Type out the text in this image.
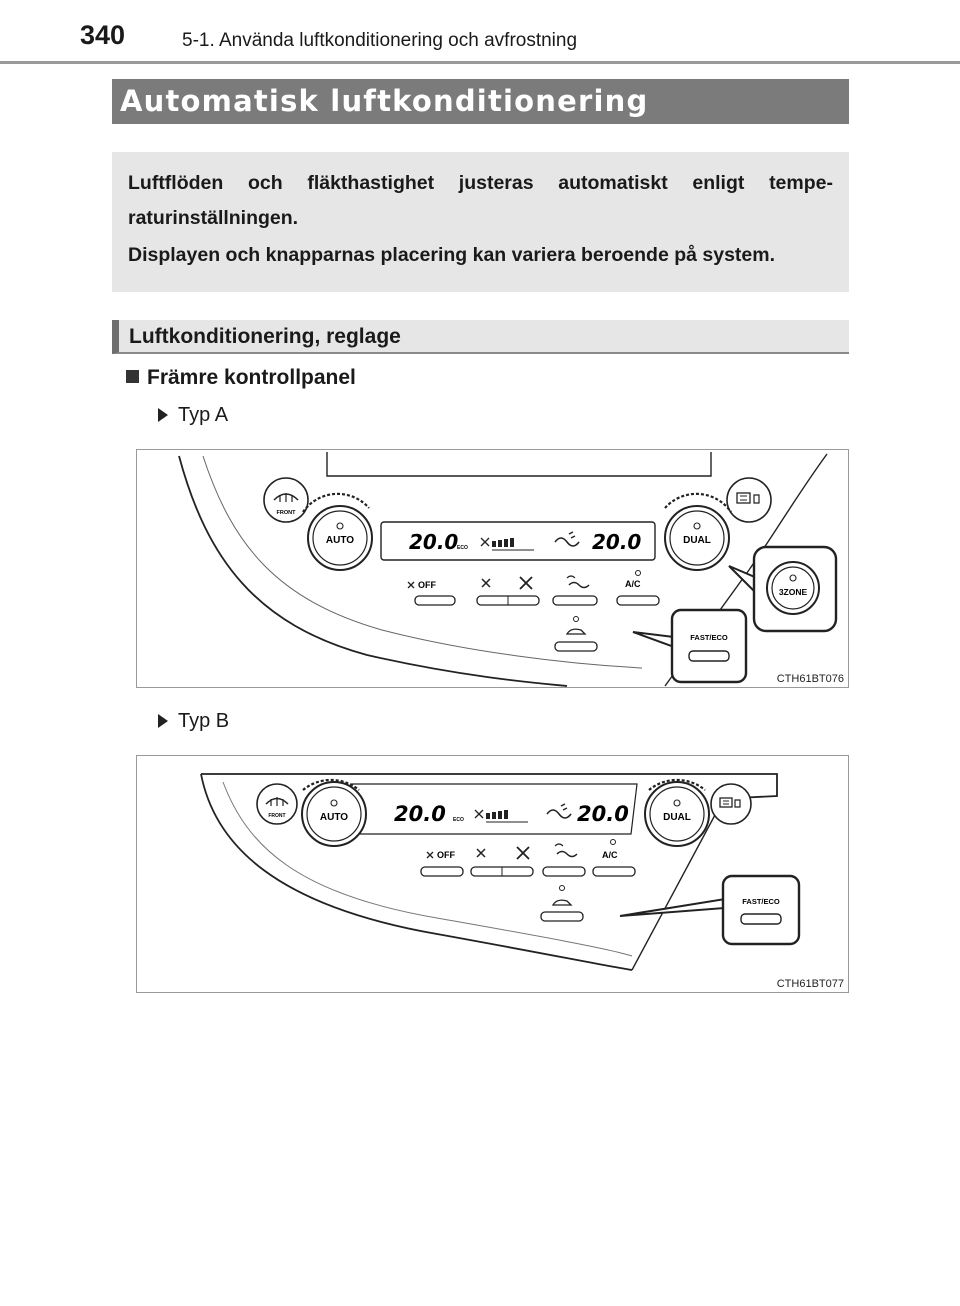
340	5-1. Använda luftkonditionering och avfrostning
Automatisk luftkonditionering

Luftflöden och fläkthastighet justeras automatiskt enligt tempe-raturinställningen.

Displayen och knapparnas placering kan variera beroende på system.

Luftkonditionering, reglage
Främre kontrollpanel
Typ A
FRONT
AUTO	DUAL
20.0
ECO	20.0
OFF	A/C
FAST/ECO
3ZONE
CTH61BT076
Typ B
FRONT	AUTO	DUAL
20.0 ECO	20.0
OFF	A/C
FAST/ECO
CTH61BT077
